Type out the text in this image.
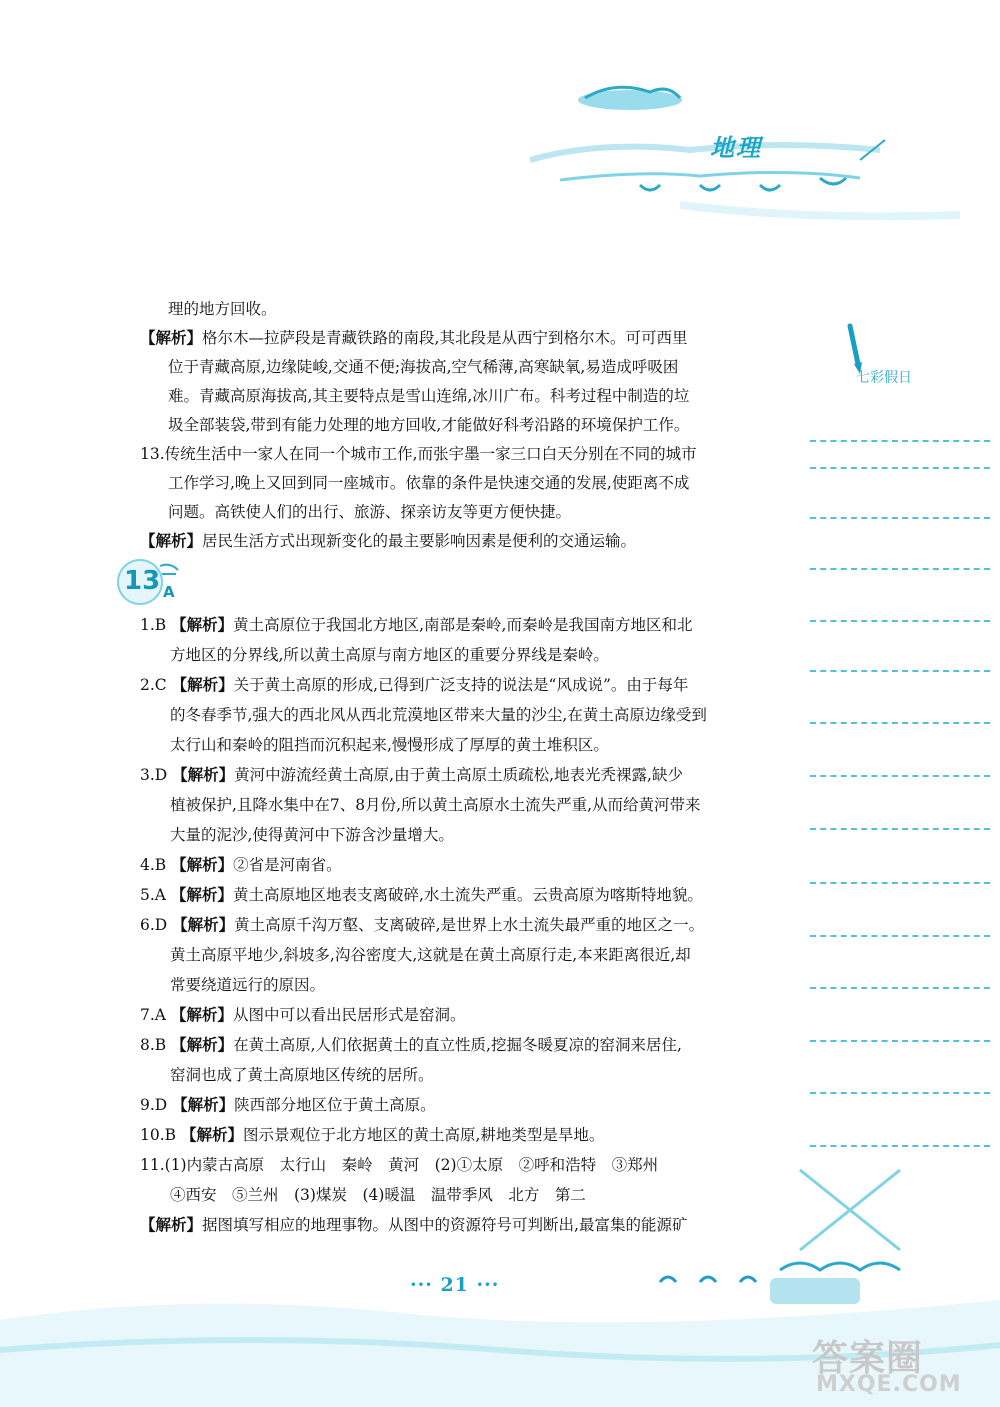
地理
七彩假日
13 A
理的地方回收。
【解析】格尔木—拉萨段是青藏铁路的南段,其北段是从西宁到格尔木。可可西里
位于青藏高原,边缘陡峻,交通不便;海拔高,空气稀薄,高寒缺氧,易造成呼吸困
难。青藏高原海拔高,其主要特点是雪山连绵,冰川广布。科考过程中制造的垃
圾全部装袋,带到有能力处理的地方回收,才能做好科考沿路的环境保护工作。
13.传统生活中一家人在同一个城市工作,而张宇墨一家三口白天分别在不同的城市
工作学习,晚上又回到同一座城市。依靠的条件是快速交通的发展,使距离不成
问题。高铁使人们的出行、旅游、探亲访友等更方便快捷。
【解析】居民生活方式出现新变化的最主要影响因素是便利的交通运输。
1.B 【解析】黄土高原位于我国北方地区,南部是秦岭,而秦岭是我国南方地区和北
方地区的分界线,所以黄土高原与南方地区的重要分界线是秦岭。
2.C 【解析】关于黄土高原的形成,已得到广泛支持的说法是“风成说”。由于每年
的冬春季节,强大的西北风从西北荒漠地区带来大量的沙尘,在黄土高原边缘受到
太行山和秦岭的阻挡而沉积起来,慢慢形成了厚厚的黄土堆积区。
3.D 【解析】黄河中游流经黄土高原,由于黄土高原土质疏松,地表光秃裸露,缺少
植被保护,且降水集中在7、8月份,所以黄土高原水土流失严重,从而给黄河带来
大量的泥沙,使得黄河中下游含沙量增大。
4.B 【解析】②省是河南省。
5.A 【解析】黄土高原地区地表支离破碎,水土流失严重。云贵高原为喀斯特地貌。
6.D 【解析】黄土高原千沟万壑、支离破碎,是世界上水土流失最严重的地区之一。
黄土高原平地少,斜坡多,沟谷密度大,这就是在黄土高原行走,本来距离很近,却
常要绕道远行的原因。
7.A 【解析】从图中可以看出民居形式是窑洞。
8.B 【解析】在黄土高原,人们依据黄土的直立性质,挖掘冬暖夏凉的窑洞来居住,
窑洞也成了黄土高原地区传统的居所。
9.D 【解析】陕西部分地区位于黄土高原。
10.B 【解析】图示景观位于北方地区的黄土高原,耕地类型是旱地。
11.(1)内蒙古高原　太行山　秦岭　黄河　(2)①太原　②呼和浩特　③郑州
④西安　⑤兰州　(3)煤炭　(4)暖温　温带季风　北方　第二
【解析】据图填写相应的地理事物。从图中的资源符号可判断出,最富集的能源矿
··· 21 ···
答案圈
MXQE.COM
